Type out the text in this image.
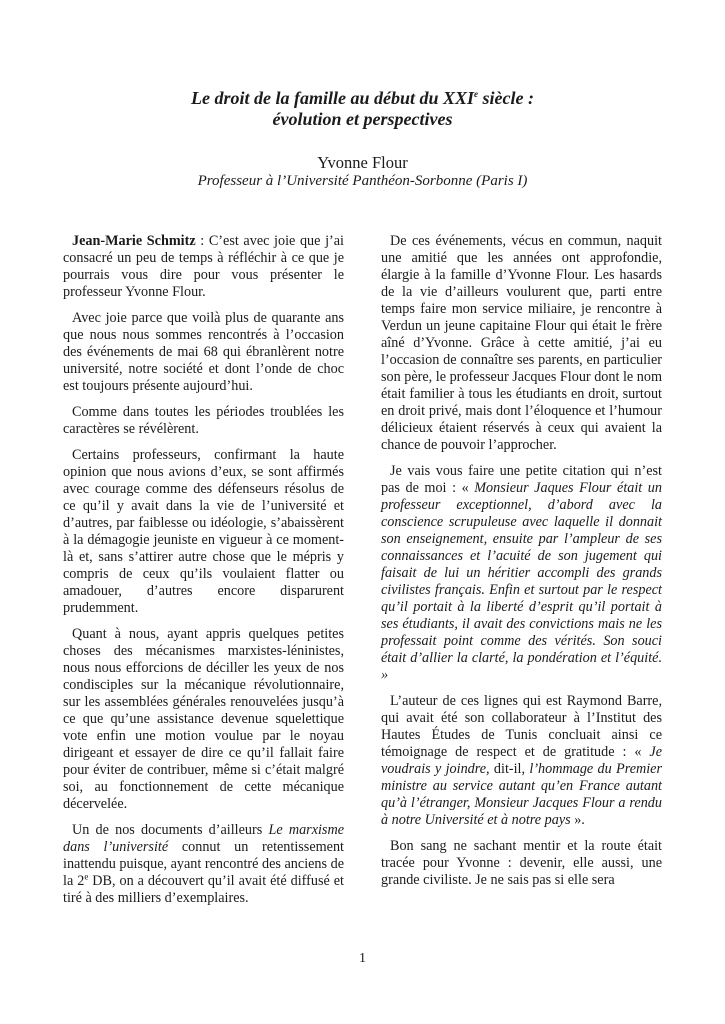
Le droit de la famille au début du XXIe siècle :
évolution et perspectives
Yvonne Flour
Professeur à l’Université Panthéon-Sorbonne (Paris I)

Jean-Marie Schmitz : C’est avec joie que j’ai consacré un peu de temps à réfléchir à ce que je pourrais vous dire pour vous présenter le professeur Yvonne Flour.

Avec joie parce que voilà plus de quarante ans que nous nous sommes rencontrés à l’occasion des événements de mai 68 qui ébranlèrent notre université, notre société et dont l’onde de choc est toujours présente aujourd’hui.

Comme dans toutes les périodes troublées les caractères se révélèrent.

Certains professeurs, confirmant la haute opinion que nous avions d’eux, se sont affirmés avec courage comme des défenseurs résolus de ce qu’il y avait dans la vie de l’université et d’autres, par faiblesse ou idéologie, s’abaissèrent à la démagogie jeuniste en vigueur à ce moment-là et, sans s’attirer autre chose que le mépris y compris de ceux qu’ils voulaient flatter ou amadouer, d’autres encore disparurent prudemment.

Quant à nous, ayant appris quelques petites choses des mécanismes marxistes-léninistes, nous nous efforcions de déciller les yeux de nos condisciples sur la mécanique révolutionnaire, sur les assemblées générales renouvelées jusqu’à ce que qu’une assistance devenue squelettique vote enfin une motion voulue par le noyau dirigeant et essayer de dire ce qu’il fallait faire pour éviter de contribuer, même si c’était malgré soi, au fonctionnement de cette mécanique décervelée.

Un de nos documents d’ailleurs Le marxisme dans l’université connut un retentissement inattendu puisque, ayant rencontré des anciens de la 2e DB, on a découvert qu’il avait été diffusé et tiré à des milliers d’exemplaires.

De ces événements, vécus en commun, naquit une amitié que les années ont approfondie, élargie à la famille d’Yvonne Flour. Les hasards de la vie d’ailleurs voulurent que, parti entre temps faire mon service miliaire, je rencontre à Verdun un jeune capitaine Flour qui était le frère aîné d’Yvonne. Grâce à cette amitié, j’ai eu l’occasion de connaître ses parents, en particulier son père, le professeur Jacques Flour dont le nom était familier à tous les étudiants en droit, surtout en droit privé, mais dont l’éloquence et l’humour délicieux étaient réservés à ceux qui avaient la chance de pouvoir l’approcher.

Je vais vous faire une petite citation qui n’est pas de moi : « Monsieur Jaques Flour était un professeur exceptionnel, d’abord avec la conscience scrupuleuse avec laquelle il donnait son enseignement, ensuite par l’ampleur de ses connaissances et l’acuité de son jugement qui faisait de lui un héritier accompli des grands civilistes français. Enfin et surtout par le respect qu’il portait à la liberté d’esprit qu’il portait à ses étudiants, il avait des convictions mais ne les professait point comme des vérités. Son souci était d’allier la clarté, la pondération et l’équité. »

L’auteur de ces lignes qui est Raymond Barre, qui avait été son collaborateur à l’Institut des Hautes Études de Tunis concluait ainsi ce témoignage de respect et de gratitude : « Je voudrais y joindre, dit-il, l’hommage du Premier ministre au service autant qu’en France autant qu’à l’étranger, Monsieur Jacques Flour a rendu à notre Université et à notre pays ».

Bon sang ne sachant mentir et la route était tracée pour Yvonne : devenir, elle aussi, une grande civiliste. Je ne sais pas si elle sera

1
